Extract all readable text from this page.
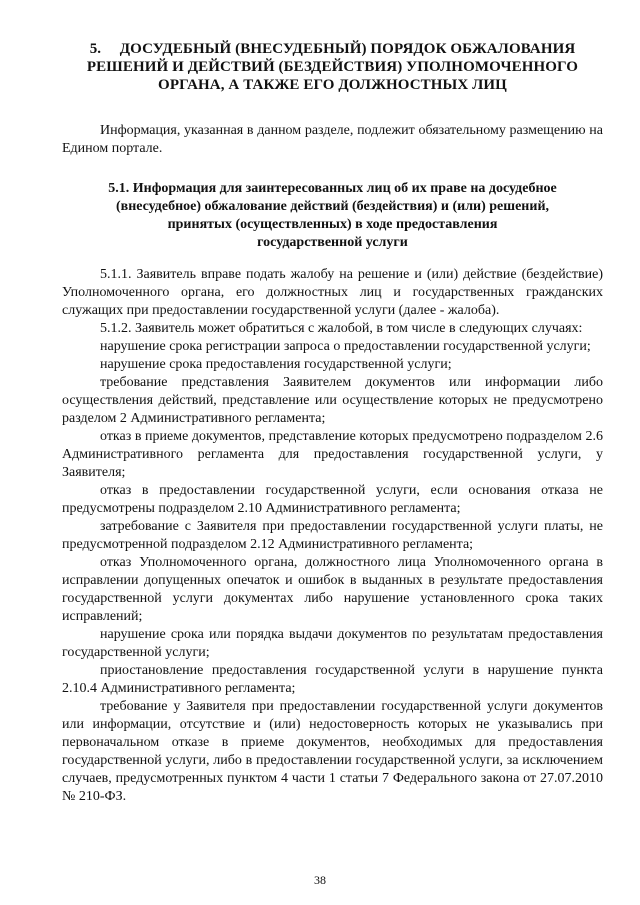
5. ДОСУДЕБНЫЙ (ВНЕСУДЕБНЫЙ) ПОРЯДОК ОБЖАЛОВАНИЯ
РЕШЕНИЙ И ДЕЙСТВИЙ (БЕЗДЕЙСТВИЯ) УПОЛНОМОЧЕННОГО
ОРГАНА, А ТАКЖЕ ЕГО ДОЛЖНОСТНЫХ ЛИЦ
Информация, указанная в данном разделе, подлежит обязательному размещению на Едином портале.
5.1. Информация для заинтересованных лиц об их праве на досудебное
(внесудебное) обжалование действий (бездействия) и (или) решений,
принятых (осуществленных) в ходе предоставления
государственной услуги

5.1.1. Заявитель вправе подать жалобу на решение и (или) действие (бездействие) Уполномоченного органа, его должностных лиц и государственных гражданских служащих при предоставлении государственной услуги (далее - жалоба).

5.1.2. Заявитель может обратиться с жалобой, в том числе в следующих случаях:

нарушение срока регистрации запроса о предоставлении государственной услуги;

нарушение срока предоставления государственной услуги;

требование представления Заявителем документов или информации либо осуществления действий, представление или осуществление которых не предусмотрено разделом 2 Административного регламента;

отказ в приеме документов, представление которых предусмотрено подразделом 2.6 Административного регламента для предоставления государственной услуги, у Заявителя;

отказ в предоставлении государственной услуги, если основания отказа не предусмотрены подразделом 2.10 Административного регламента;

затребование с Заявителя при предоставлении государственной услуги платы, не предусмотренной подразделом 2.12 Административного регламента;

отказ Уполномоченного органа, должностного лица Уполномоченного органа в исправлении допущенных опечаток и ошибок в выданных в результате предоставления государственной услуги документах либо нарушение установленного срока таких исправлений;

нарушение срока или порядка выдачи документов по результатам предоставления государственной услуги;

приостановление предоставления государственной услуги в нарушение пункта 2.10.4 Административного регламента;

требование у Заявителя при предоставлении государственной услуги документов или информации, отсутствие и (или) недостоверность которых не указывались при первоначальном отказе в приеме документов, необходимых для предоставления государственной услуги, либо в предоставлении государственной услуги, за исключением случаев, предусмотренных пунктом 4 части 1 статьи 7 Федерального закона от 27.07.2010 № 210-ФЗ.

38
